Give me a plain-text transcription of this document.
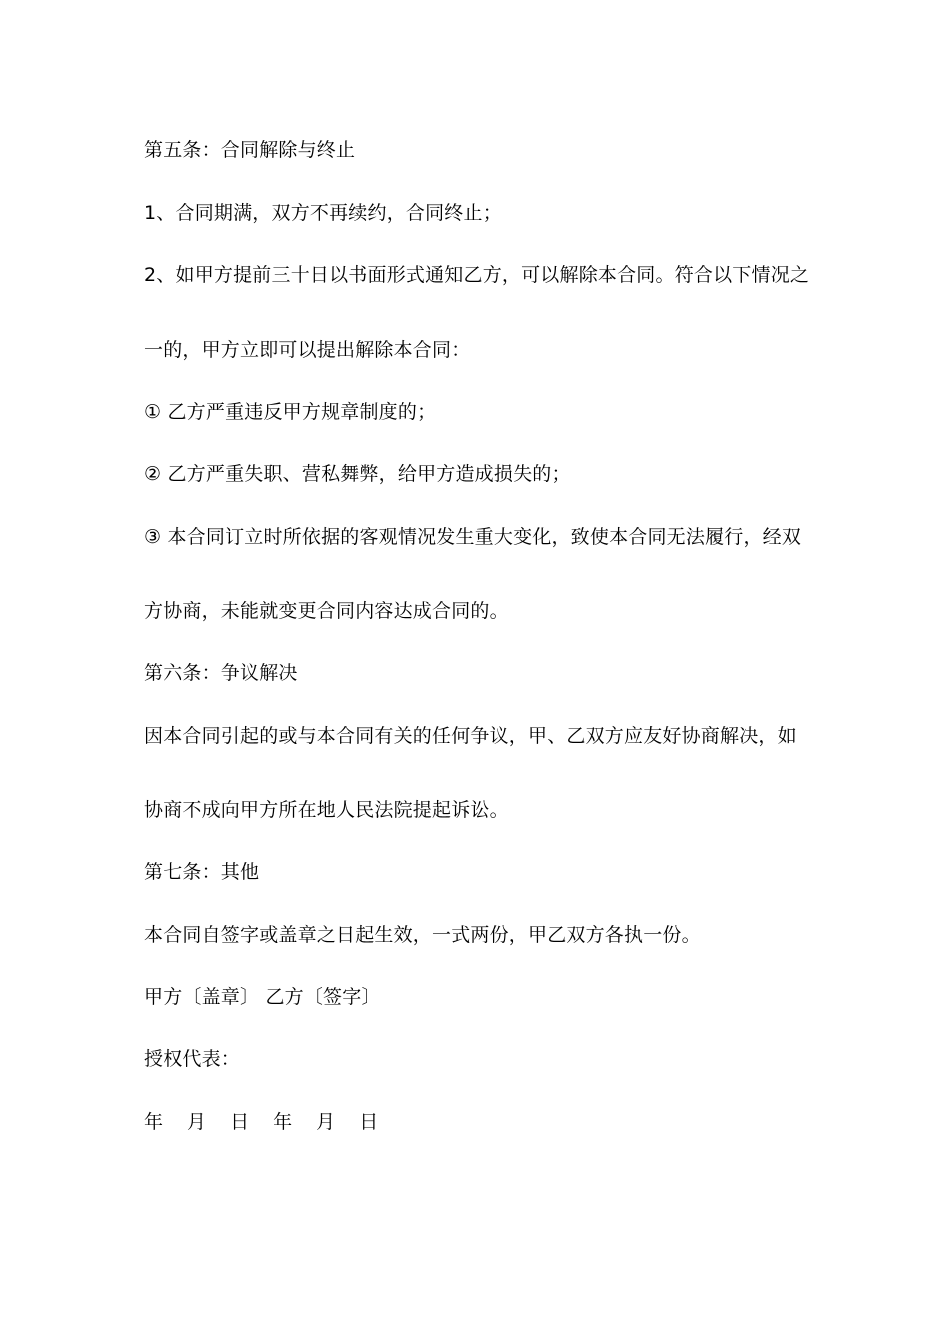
第五条：合同解除与终止
1、合同期满，双方不再续约，合同终止；
2、如甲方提前三十日以书面形式通知乙方，可以解除本合同。符合以下情况之
一的，甲方立即可以提出解除本合同：
① 乙方严重违反甲方规章制度的；
② 乙方严重失职、营私舞弊，给甲方造成损失的；
③ 本合同订立时所依据的客观情况发生重大变化，致使本合同无法履行，经双
方协商，未能就变更合同内容达成合同的。
第六条：争议解决
因本合同引起的或与本合同有关的任何争议，甲、乙双方应友好协商解决，如
协商不成向甲方所在地人民法院提起诉讼。
第七条：其他
本合同自签字或盖章之日起生效，一式两份，甲乙双方各执一份。
甲方〔盖章〕 乙方〔签字〕
授权代表：
年 月 日 年 月 日
